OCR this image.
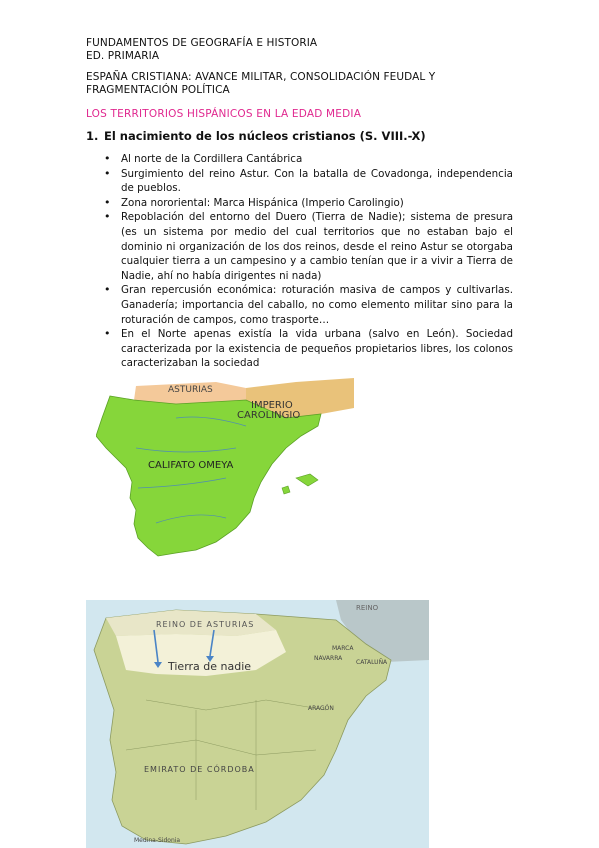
FUNDAMENTOS DE GEOGRAFÍA E HISTORIA
ED. PRIMARIA
ESPAÑA CRISTIANA: AVANCE MILITAR, CONSOLIDACIÓN FEUDAL Y FRAGMENTACIÓN POLÍTICA
LOS TERRITORIOS HISPÁNICOS EN LA EDAD MEDIA
1. El nacimiento de los núcleos cristianos (S. VIII.-X)
• Al norte de la Cordillera Cantábrica
• Surgimiento del reino Astur. Con la batalla de Covadonga, independencia de pueblos.
• Zona nororiental: Marca Hispánica (Imperio Carolingio)
• Repoblación del entorno del Duero (Tierra de Nadie); sistema de presura (es un sistema por medio del cual territorios que no estaban bajo el dominio ni organización de los dos reinos, desde el reino Astur se otorgaba cualquier tierra a un campesino y a cambio tenían que ir a vivir a Tierra de Nadie, ahí no había dirigentes ni nada)
• Gran repercusión económica: roturación masiva de campos y cultivarlas. Ganadería; importancia del caballo, no como elemento militar sino para la roturación de campos, como trasporte…
• En el Norte apenas existía la vida urbana (salvo en León). Sociedad caracterizada por la existencia de pequeños propietarios libres, los colonos caracterizaban la sociedad
ASTURIAS
IMPERIO
CAROLINGIO
CALIFATO OMEYA
REINO DE ASTURIAS
Tierra de nadie
EMIRATO DE CÓRDOBA
REINO
CATALUÑA
MARCA
NAVARRA
ARAGÓN
Medina-Sidonia
